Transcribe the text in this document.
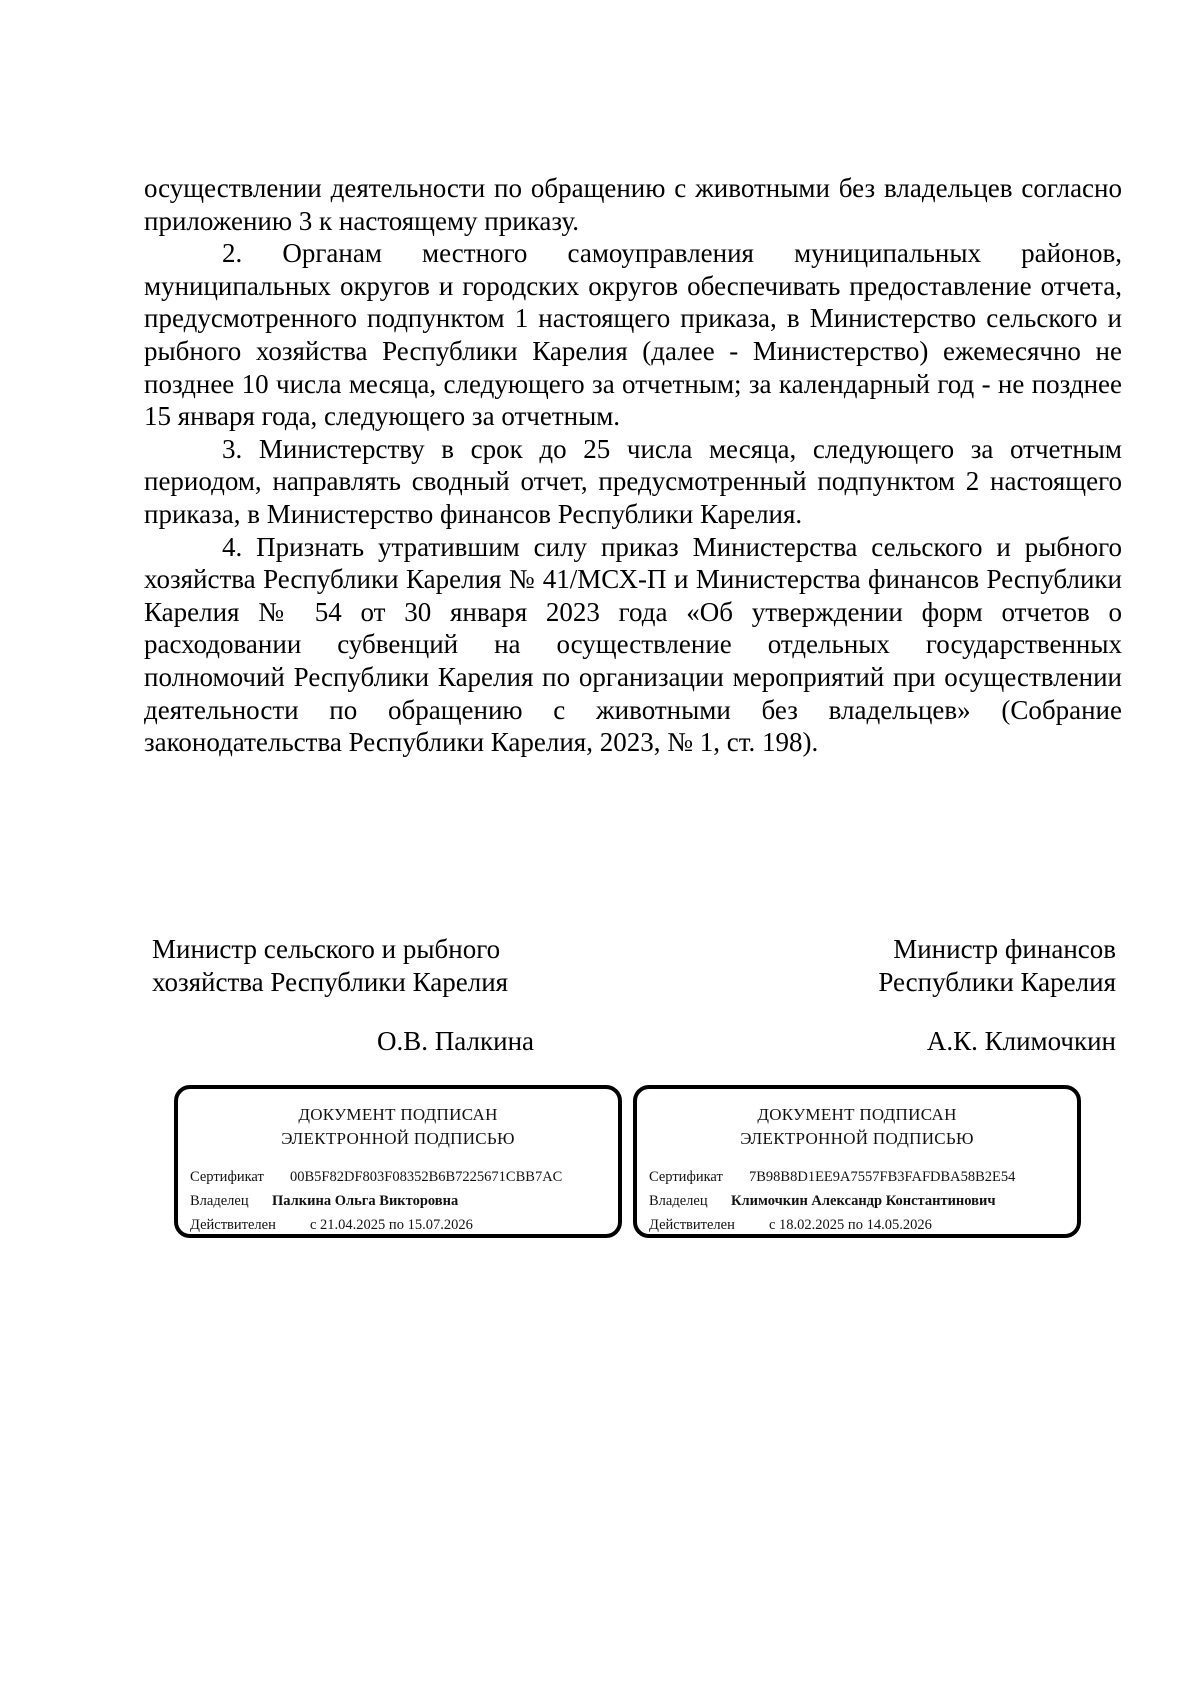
осуществлении деятельности по обращению с животными без владельцев согласно приложению 3 к настоящему приказу.

2. Органам местного самоуправления муниципальных районов, муниципальных округов и городских округов обеспечивать предоставление отчета, предусмотренного подпунктом 1 настоящего приказа, в Министерство сельского и рыбного хозяйства Республики Карелия (далее - Министерство) ежемесячно не позднее 10 числа месяца, следующего за отчетным; за календарный год - не позднее 15 января года, следующего за отчетным.

3. Министерству в срок до 25 числа месяца, следующего за отчетным периодом, направлять сводный отчет, предусмотренный подпунктом 2 настоящего приказа, в Министерство финансов Республики Карелия.

4. Признать утратившим силу приказ Министерства сельского и рыбного хозяйства Республики Карелия № 41/МСХ-П и Министерства финансов Республики Карелия № 54 от 30 января 2023 года «Об утверждении форм отчетов о расходовании субвенций на осуществление отдельных государственных полномочий Республики Карелия по организации мероприятий при осуществлении деятельности по обращению с животными без владельцев» (Собрание законодательства Республики Карелия, 2023, № 1, ст. 198).

Министр сельского и рыбного
хозяйства Республики Карелия
Министр финансов
Республики Карелия
О.В. Палкина	А.К. Климочкин
ДОКУМЕНТ ПОДПИСАН
ЭЛЕКТРОННОЙ ПОДПИСЬЮ
Сертификат 00B5F82DF803F08352B6B7225671CBB7AC
Владелец Палкина Ольга Викторовна
Действителен с 21.04.2025 по 15.07.2026
ДОКУМЕНТ ПОДПИСАН
ЭЛЕКТРОННОЙ ПОДПИСЬЮ
Сертификат 7B98B8D1EE9A7557FB3FAFDBA58B2E54
Владелец Климочкин Александр Константинович
Действителен с 18.02.2025 по 14.05.2026
